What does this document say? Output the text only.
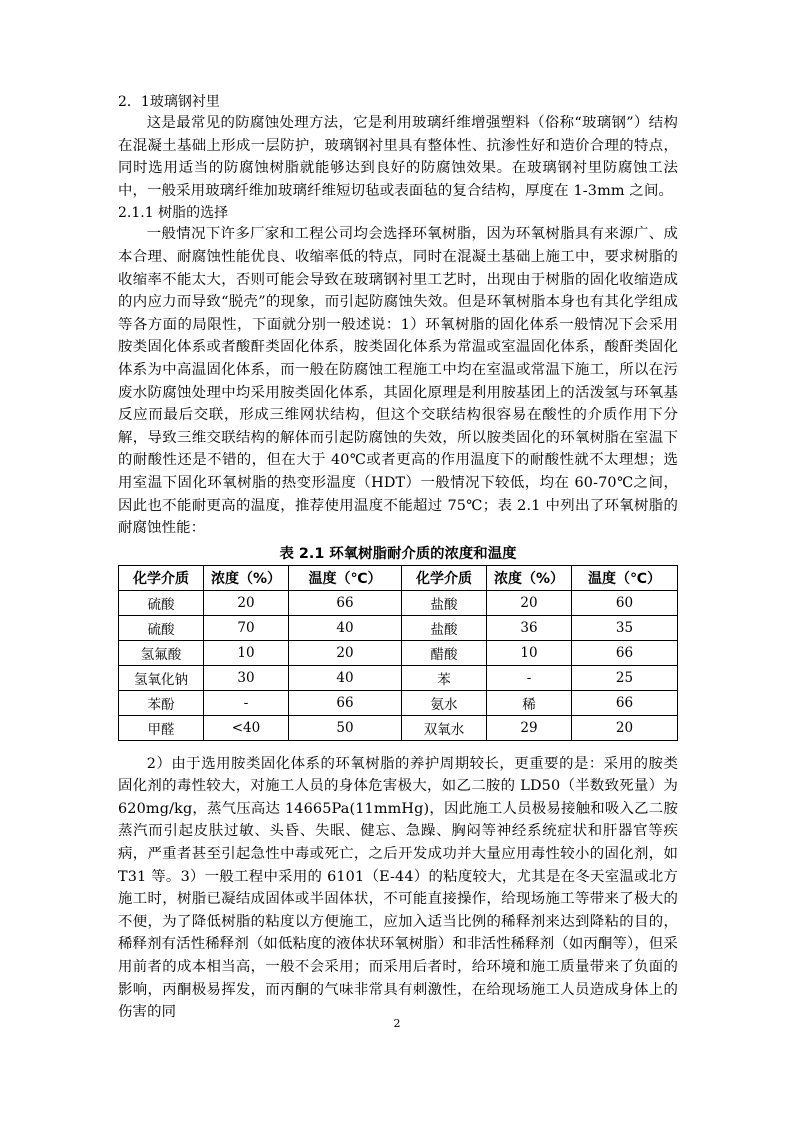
2．1玻璃钢衬里

这是最常见的防腐蚀处理方法，它是利用玻璃纤维增强塑料（俗称“玻璃钢”）结构在混凝土基础上形成一层防护，玻璃钢衬里具有整体性、抗渗性好和造价合理的特点，同时选用适当的防腐蚀树脂就能够达到良好的防腐蚀效果。在玻璃钢衬里防腐蚀工法中，一般采用玻璃纤维加玻璃纤维短切毡或表面毡的复合结构，厚度在 1-3mm 之间。

2.1.1 树脂的选择

一般情况下许多厂家和工程公司均会选择环氧树脂，因为环氧树脂具有来源广、成本合理、耐腐蚀性能优良、收缩率低的特点，同时在混凝土基础上施工中，要求树脂的收缩率不能太大，否则可能会导致在玻璃钢衬里工艺时，出现由于树脂的固化收缩造成的内应力而导致“脱壳”的现象，而引起防腐蚀失效。但是环氧树脂本身也有其化学组成等各方面的局限性，下面就分别一般述说：1）环氧树脂的固化体系一般情况下会采用胺类固化体系或者酸酐类固化体系，胺类固化体系为常温或室温固化体系，酸酐类固化体系为中高温固化体系，而一般在防腐蚀工程施工中均在室温或常温下施工，所以在污废水防腐蚀处理中均采用胺类固化体系，其固化原理是利用胺基团上的活泼氢与环氧基反应而最后交联，形成三维网状结构，但这个交联结构很容易在酸性的介质作用下分解，导致三维交联结构的解体而引起防腐蚀的失效，所以胺类固化的环氧树脂在室温下的耐酸性还是不错的，但在大于 40℃或者更高的作用温度下的耐酸性就不太理想；选用室温下固化环氧树脂的热变形温度（HDT）一般情况下较低，均在 60-70℃之间，因此也不能耐更高的温度，推荐使用温度不能超过 75℃；表 2.1 中列出了环氧树脂的耐腐蚀性能：

表 2.1 环氧树脂耐介质的浓度和温度
化学介质	浓度（%）	温度（℃）	化学介质	浓度（%）	温度（℃）
硫酸	20	66	盐酸	20	60
硫酸	70	40	盐酸	36	35
氢氟酸	10	20	醋酸	10	66
氢氧化钠	30	40	苯	-	25
苯酚	-	66	氨水	稀	66
甲醛	<40	50	双氧水	29	20

2）由于选用胺类固化体系的环氧树脂的养护周期较长，更重要的是：采用的胺类固化剂的毒性较大，对施工人员的身体危害极大，如乙二胺的 LD50（半数致死量）为 620mg/kg，蒸气压高达 14665Pa(11mmHg)，因此施工人员极易接触和吸入乙二胺蒸汽而引起皮肤过敏、头昏、失眠、健忘、急躁、胸闷等神经系统症状和肝器官等疾病，严重者甚至引起急性中毒或死亡，之后开发成功并大量应用毒性较小的固化剂，如 T31 等。3）一般工程中采用的 6101（E-44）的粘度较大，尤其是在冬天室温或北方施工时，树脂已凝结成固体或半固体状，不可能直接操作，给现场施工等带来了极大的不便，为了降低树脂的粘度以方便施工，应加入适当比例的稀释剂来达到降粘的目的，稀释剂有活性稀释剂（如低粘度的液体状环氧树脂）和非活性稀释剂（如丙酮等），但采用前者的成本相当高，一般不会采用；而采用后者时，给环境和施工质量带来了负面的影响，丙酮极易挥发，而丙酮的气味非常具有刺激性，在给现场施工人员造成身体上的伤害的同

2
